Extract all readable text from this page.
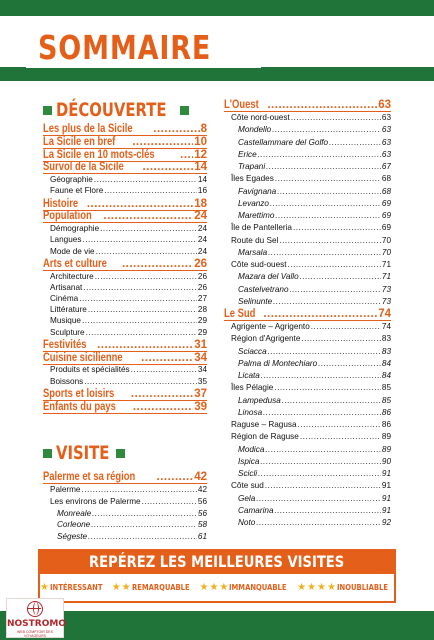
SOMMAIRE
DÉCOUVERTE
Les plus de la Sicile .....	8
La Sicile en bref .....	10
La Sicile en 10 mots-clés .....	12
Survol de la Sicile .....	14
Géographie .....	14
Faune et Flore .....	16
Histoire .....	18
Population .....	24
Démographie .....	24
Langues .....	24
Mode de vie .....	24
Arts et culture .....	26
Architecture .....	26
Artisanat .....	26
Cinéma .....	27
Littérature .....	28
Musique .....	29
Sculpture .....	29
Festivités .....	31
Cuisine sicilienne .....	34
Produits et spécialités .....	34
Boissons .....	35
Sports et loisirs .....	37
Enfants du pays .....	39
VISITE
Palerme et sa région .....	42
Palerme .....	42
Les environs de Palerme .....	56
Monreale .....	56
Corleone .....	58
Ségeste .....	61
L'Ouest .....	63
Côte nord-ouest .....	63
Mondello .....	63
Castellammare del Golfo .....	63
Erice .....	63
Trapani .....	67
Îles Egades .....	68
Favignana .....	68
Levanzo .....	69
Marettimo .....	69
Île de Pantelleria .....	69
Route du Sel .....	70
Marsala .....	70
Côte sud-ouest .....	71
Mazara del Vallo .....	71
Castelvetrano .....	73
Selinunte .....	73
Le Sud .....	74
Agrigente – Agrigento .....	74
Région d'Agrigente .....	83
Sciacca .....	83
Palma di Montechiaro .....	84
Licata .....	84
Îles Pélagie .....	85
Lampedusa .....	85
Linosa .....	86
Raguse – Ragusa .....	86
Région de Raguse .....	89
Modica .....	89
Ispica .....	90
Scicli .....	91
Côte sud .....	91
Gela .....	91
Camarina .....	91
Noto .....	92
REPÉREZ LES MEILLEURES VISITES
★ INTÉRESSANT ★ ★ REMARQUABLE ★ ★ ★ IMMANQUABLE ★ ★ ★ ★ INOUBLIABLE
NOSTROMO
WEB COMPTOIR DES VOYAGEURS
